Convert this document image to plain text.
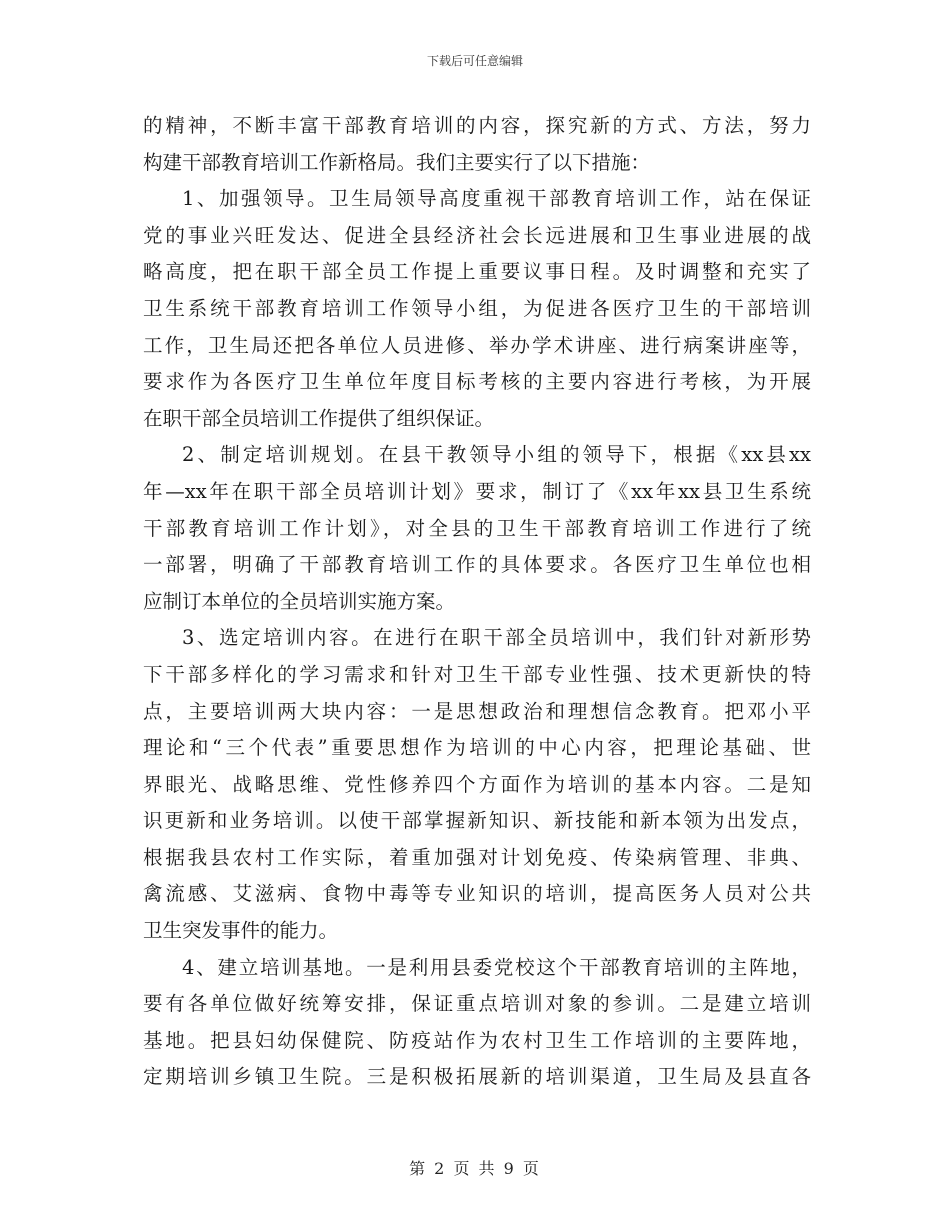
下载后可任意编辑
的精神，不断丰富干部教育培训的内容，探究新的方式、方法，努力
构建干部教育培训工作新格局。我们主要实行了以下措施：
1、加强领导。卫生局领导高度重视干部教育培训工作，站在保证
党的事业兴旺发达、促进全县经济社会长远进展和卫生事业进展的战
略高度，把在职干部全员工作提上重要议事日程。及时调整和充实了
卫生系统干部教育培训工作领导小组，为促进各医疗卫生的干部培训
工作，卫生局还把各单位人员进修、举办学术讲座、进行病案讲座等，
要求作为各医疗卫生单位年度目标考核的主要内容进行考核，为开展
在职干部全员培训工作提供了组织保证。
2、制定培训规划。在县干教领导小组的领导下，根据《xx县xx
年—xx年在职干部全员培训计划》要求，制订了《xx年xx县卫生系统
干部教育培训工作计划》，对全县的卫生干部教育培训工作进行了统
一部署，明确了干部教育培训工作的具体要求。各医疗卫生单位也相
应制订本单位的全员培训实施方案。
3、选定培训内容。在进行在职干部全员培训中，我们针对新形势
下干部多样化的学习需求和针对卫生干部专业性强、技术更新快的特
点，主要培训两大块内容：一是思想政治和理想信念教育。把邓小平
理论和“三个代表”重要思想作为培训的中心内容，把理论基础、世
界眼光、战略思维、党性修养四个方面作为培训的基本内容。二是知
识更新和业务培训。以使干部掌握新知识、新技能和新本领为出发点，
根据我县农村工作实际，着重加强对计划免疫、传染病管理、非典、
禽流感、艾滋病、食物中毒等专业知识的培训，提高医务人员对公共
卫生突发事件的能力。
4、建立培训基地。一是利用县委党校这个干部教育培训的主阵地，
要有各单位做好统筹安排，保证重点培训对象的参训。二是建立培训
基地。把县妇幼保健院、防疫站作为农村卫生工作培训的主要阵地，
定期培训乡镇卫生院。三是积极拓展新的培训渠道，卫生局及县直各
第 2 页 共 9 页
